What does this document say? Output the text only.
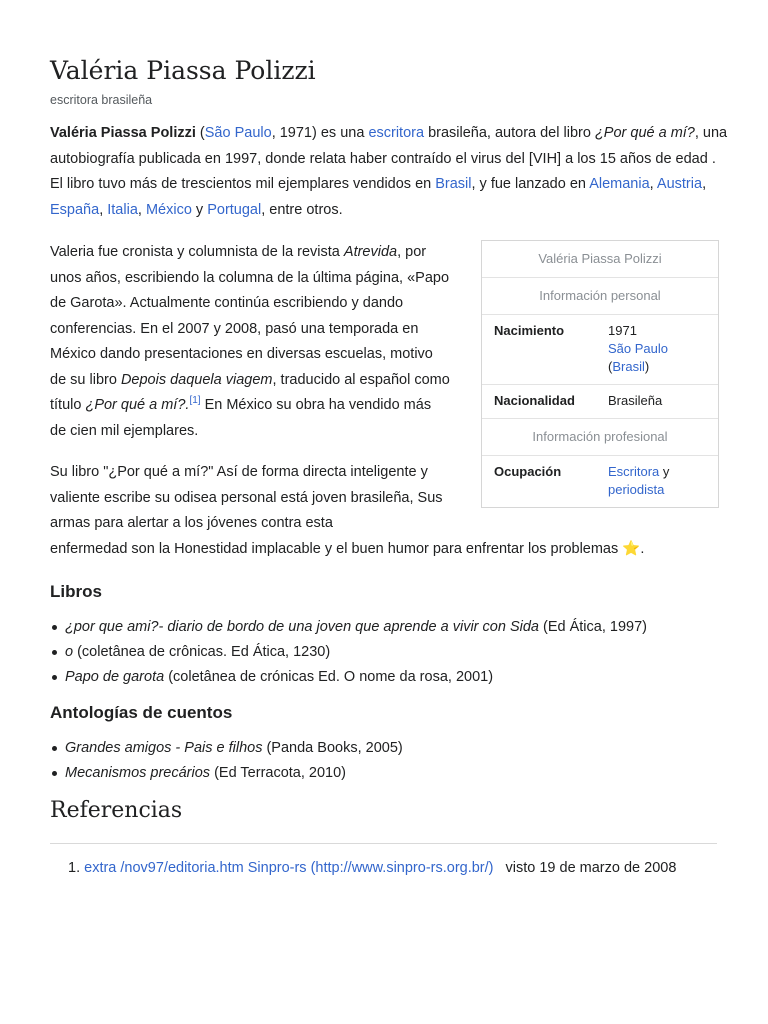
Valéria Piassa Polizzi
escritora brasileña

Valéria Piassa Polizzi (São Paulo, 1971) es una escritora brasileña, autora del libro ¿Por qué a mí?, una autobiografía publicada en 1997, donde relata haber contraído el virus del [VIH] a los 15 años de edad . El libro tuvo más de trescientos mil ejemplares vendidos en Brasil, y fue lanzado en Alemania, Austria, España, Italia, México y Portugal, entre otros.

Valeria fue cronista y columnista de la revista Atrevida, por unos años, escribiendo la columna de la última página, «Papo de Garota». Actualmente continúa escribiendo y dando conferencias. En el 2007 y 2008, pasó una temporada en México dando presentaciones en diversas escuelas, motivo de su libro Depois daquela viagem, traducido al español como título ¿Por qué a mí?.[1] En México su obra ha vendido más de cien mil ejemplares.

Su libro "¿Por qué a mí?" Así de forma directa inteligente y valiente escribe su odisea personal está joven brasileña, Sus armas para alertar a los jóvenes contra esta

enfermedad son la Honestidad implacable y el buen humor para enfrentar los problemas ⭐.

Valéria Piassa Polizzi
Información personal
Nacimiento	1971
São Paulo
(Brasil)
Nacionalidad	Brasileña
Información profesional
Ocupación	Escritora y
periodista
Libros
¿por que ami?- diario de bordo de una joven que aprende a vivir con Sida (Ed Ática, 1997)
o (coletânea de crônicas. Ed Ática, 1230)
Papo de garota (coletânea de crónicas Ed. O nome da rosa, 2001)
Antologías de cuentos
Grandes amigos - Pais e filhos (Panda Books, 2005)
Mecanismos precários (Ed Terracota, 2010)
Referencias
1. extra /nov97/editoria.htm Sinpro-rs (http://www.sinpro-rs.org.br/) visto 19 de marzo de 2008
